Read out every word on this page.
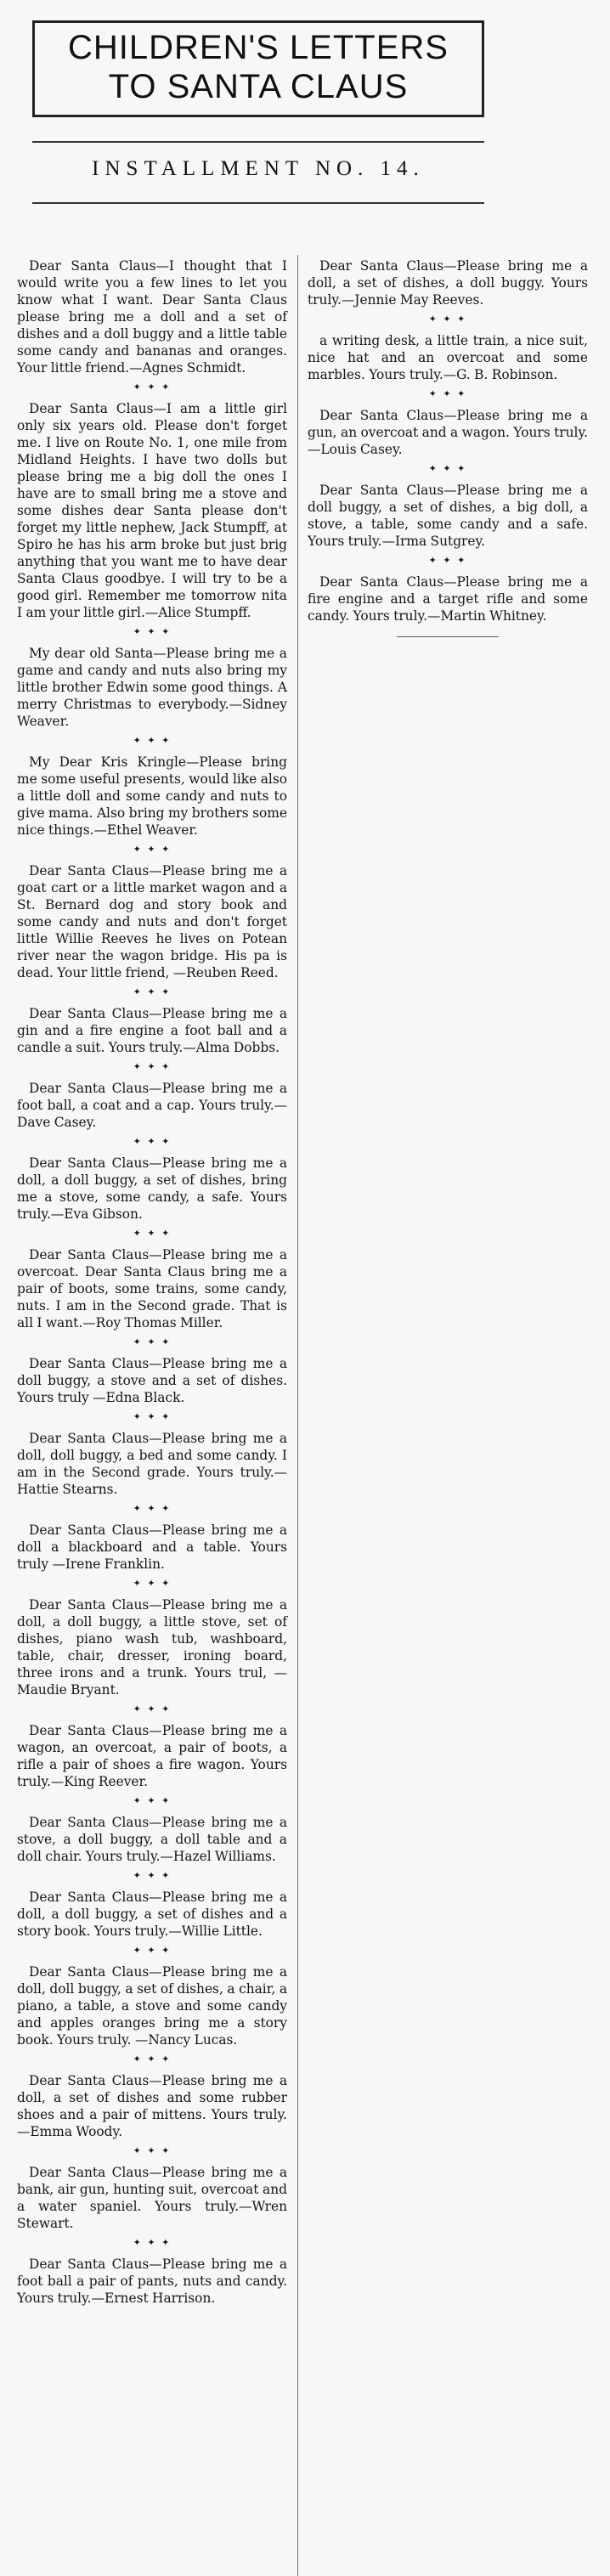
CHILDREN'S LETTERS
TO SANTA CLAUS
INSTALLMENT NO. 14.

Dear Santa Claus—I thought that I would write you a few lines to let you know what I want. Dear Santa Claus please bring me a doll and a set of dishes and a doll buggy and a little table some candy and bananas and oranges. Your little friend.—Agnes Schmidt.

✦ ✦ ✦

Dear Santa Claus—I am a little girl only six years old. Please don't forget me. I live on Route No. 1, one mile from Midland Heights. I have two dolls but please bring me a big doll the ones I have are to small bring me a stove and some dishes dear Santa please don't forget my little nephew, Jack Stumpff, at Spiro he has his arm broke but just brig anything that you want me to have dear Santa Claus goodbye. I will try to be a good girl. Remember me tomorrow nita I am your little girl.—Alice Stumpff.

✦ ✦ ✦

My dear old Santa—Please bring me a game and candy and nuts also bring my little brother Edwin some good things. A merry Christmas to everybody.—Sidney Weaver.

✦ ✦ ✦

My Dear Kris Kringle—Please bring me some useful presents, would like also a little doll and some candy and nuts to give mama. Also bring my brothers some nice things.—Ethel Weaver.

✦ ✦ ✦

Dear Santa Claus—Please bring me a goat cart or a little market wagon and a St. Bernard dog and story book and some candy and nuts and don't forget little Willie Reeves he lives on Potean river near the wagon bridge. His pa is dead. Your little friend, —Reuben Reed.

✦ ✦ ✦

Dear Santa Claus—Please bring me a gin and a fire engine a foot ball and a candle a suit. Yours truly.—Alma Dobbs.

✦ ✦ ✦

Dear Santa Claus—Please bring me a foot ball, a coat and a cap. Yours truly.—Dave Casey.

✦ ✦ ✦

Dear Santa Claus—Please bring me a doll, a doll buggy, a set of dishes, bring me a stove, some candy, a safe. Yours truly.—Eva Gibson.

✦ ✦ ✦

Dear Santa Claus—Please bring me a overcoat. Dear Santa Claus bring me a pair of boots, some trains, some candy, nuts. I am in the Second grade. That is all I want.—Roy Thomas Miller.

✦ ✦ ✦

Dear Santa Claus—Please bring me a doll buggy, a stove and a set of dishes. Yours truly —Edna Black.

✦ ✦ ✦

Dear Santa Claus—Please bring me a doll, doll buggy, a bed and some candy. I am in the Second grade. Yours truly.—Hattie Stearns.

✦ ✦ ✦

Dear Santa Claus—Please bring me a doll a blackboard and a table. Yours truly —Irene Franklin.

✦ ✦ ✦

Dear Santa Claus—Please bring me a doll, a doll buggy, a little stove, set of dishes, piano wash tub, washboard, table, chair, dresser, ironing board, three irons and a trunk. Yours trul, —Maudie Bryant.

✦ ✦ ✦

Dear Santa Claus—Please bring me a wagon, an overcoat, a pair of boots, a rifle a pair of shoes a fire wagon. Yours truly.—King Reever.

✦ ✦ ✦

Dear Santa Claus—Please bring me a stove, a doll buggy, a doll table and a doll chair. Yours truly.—Hazel Williams.

✦ ✦ ✦

Dear Santa Claus—Please bring me a doll, a doll buggy, a set of dishes and a story book. Yours truly.—Willie Little.

✦ ✦ ✦

Dear Santa Claus—Please bring me a doll, doll buggy, a set of dishes, a chair, a piano, a table, a stove and some candy and apples oranges bring me a story book. Yours truly. —Nancy Lucas.

✦ ✦ ✦

Dear Santa Claus—Please bring me a doll, a set of dishes and some rubber shoes and a pair of mittens. Yours truly.—Emma Woody.

✦ ✦ ✦

Dear Santa Claus—Please bring me a bank, air gun, hunting suit, overcoat and a water spaniel. Yours truly.—Wren Stewart.

✦ ✦ ✦

Dear Santa Claus—Please bring me a foot ball a pair of pants, nuts and candy. Yours truly.—Ernest Harrison.

Dear Santa Claus—Please bring me a doll, a set of dishes, a doll buggy. Yours truly.—Jennie May Reeves.

✦ ✦ ✦

a writing desk, a little train, a nice suit, nice hat and an overcoat and some marbles. Yours truly.—G. B. Robinson.

✦ ✦ ✦

Dear Santa Claus—Please bring me a gun, an overcoat and a wagon. Yours truly.—Louis Casey.

✦ ✦ ✦

Dear Santa Claus—Please bring me a doll buggy, a set of dishes, a big doll, a stove, a table, some candy and a safe. Yours truly.—Irma Sutgrey.

✦ ✦ ✦

Dear Santa Claus—Please bring me a fire engine and a target rifle and some candy. Yours truly.—Martin Whitney.
